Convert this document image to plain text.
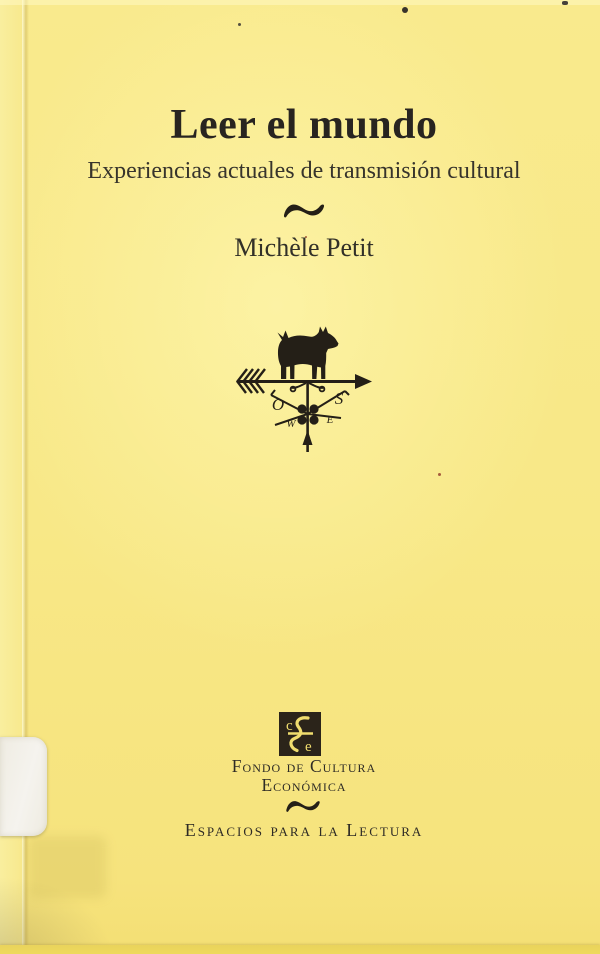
Leer el mundo
Experiencias actuales de transmisión cultural
Michèle Petit
O	S
W	E
c
e
Fondo de Cultura
Económica
Espacios para la Lectura
